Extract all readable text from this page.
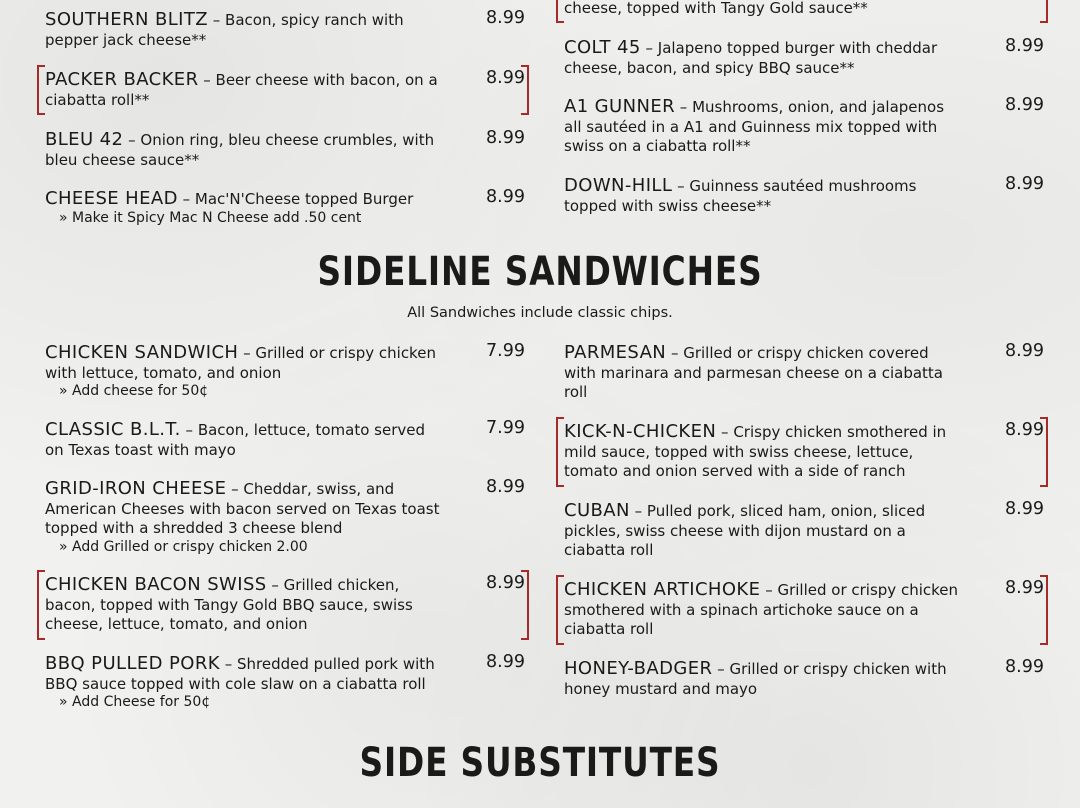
SOUTHERN BLITZ – Bacon, spicy ranch with pepper jack cheese**
8.99
PACKER BACKER – Beer cheese with bacon, on a ciabatta roll**
8.99
BLEU 42 – Onion ring, bleu cheese crumbles, with bleu cheese sauce**
8.99
CHEESE HEAD – Mac'N'Cheese topped Burger
» Make it Spicy Mac N Cheese add .50 cent
8.99
cheese, topped with Tangy Gold sauce**
COLT 45 – Jalapeno topped burger with cheddar cheese, bacon, and spicy BBQ sauce**
8.99
A1 GUNNER – Mushrooms, onion, and jalapenos all sautéed in a A1 and Guinness mix topped with swiss on a ciabatta roll**
8.99
DOWN-HILL – Guinness sautéed mushrooms topped with swiss cheese**
8.99
SIDELINE SANDWICHES
All Sandwiches include classic chips.
CHICKEN SANDWICH – Grilled or crispy chicken with lettuce, tomato, and onion
» Add cheese for 50¢
7.99
CLASSIC B.L.T. – Bacon, lettuce, tomato served on Texas toast with mayo
7.99
GRID-IRON CHEESE – Cheddar, swiss, and American Cheeses with bacon served on Texas toast topped with a shredded 3 cheese blend
» Add Grilled or crispy chicken 2.00
8.99
CHICKEN BACON SWISS – Grilled chicken, bacon, topped with Tangy Gold BBQ sauce, swiss cheese, lettuce, tomato, and onion
8.99
BBQ PULLED PORK – Shredded pulled pork with BBQ sauce topped with cole slaw on a ciabatta roll
» Add Cheese for 50¢
8.99
PARMESAN – Grilled or crispy chicken covered with marinara and parmesan cheese on a ciabatta roll
8.99
KICK-N-CHICKEN – Crispy chicken smothered in mild sauce, topped with swiss cheese, lettuce, tomato and onion served with a side of ranch
8.99
CUBAN – Pulled pork, sliced ham, onion, sliced pickles, swiss cheese with dijon mustard on a ciabatta roll
8.99
CHICKEN ARTICHOKE – Grilled or crispy chicken smothered with a spinach artichoke sauce on a ciabatta roll
8.99
HONEY-BADGER – Grilled or crispy chicken with honey mustard and mayo
8.99
SIDE SUBSTITUTES
